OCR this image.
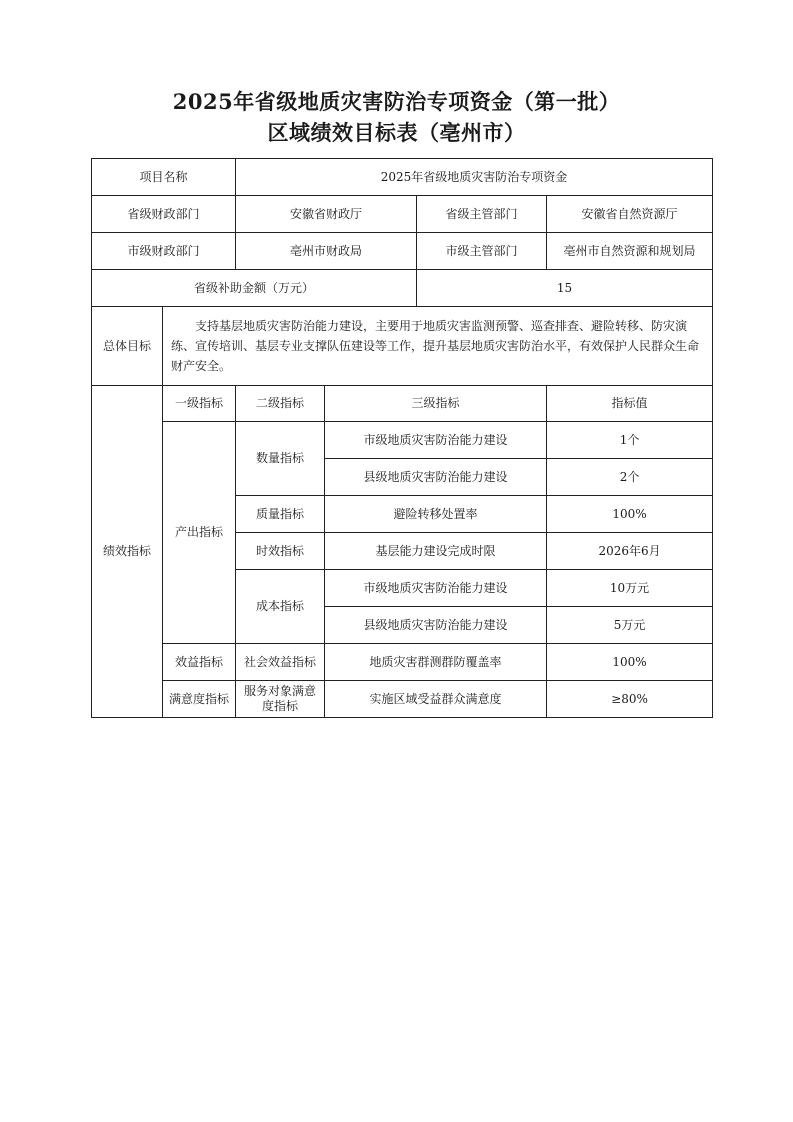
2025年省级地质灾害防治专项资金（第一批）
区域绩效目标表（亳州市）
项目名称		2025年省级地质灾害防治专项资金			
省级财政部门		安徽省财政厅		省级主管部门	安徽省自然资源厅
市级财政部门		亳州市财政局		市级主管部门	亳州市自然资源和规划局
省级补助金额（万元）				15	
总体目标	支持基层地质灾害防治能力建设，主要用于地质灾害监测预警、巡查排查、避险转移、防灾演练、宣传培训、基层专业支撑队伍建设等工作，提升基层地质灾害防治水平，有效保护人民群众生命财产安全。				
绩效指标	一级指标	二级指标	三级指标		指标值
	产出指标	数量指标	市级地质灾害防治能力建设		1个
			县级地质灾害防治能力建设		2个
		质量指标	避险转移处置率		100%
		时效指标	基层能力建设完成时限		2026年6月
		成本指标	市级地质灾害防治能力建设		10万元
			县级地质灾害防治能力建设		5万元
	效益指标	社会效益指标	地质灾害群测群防覆盖率		100%
	满意度指标	服务对象满意度指标	实施区域受益群众满意度		≥80%
